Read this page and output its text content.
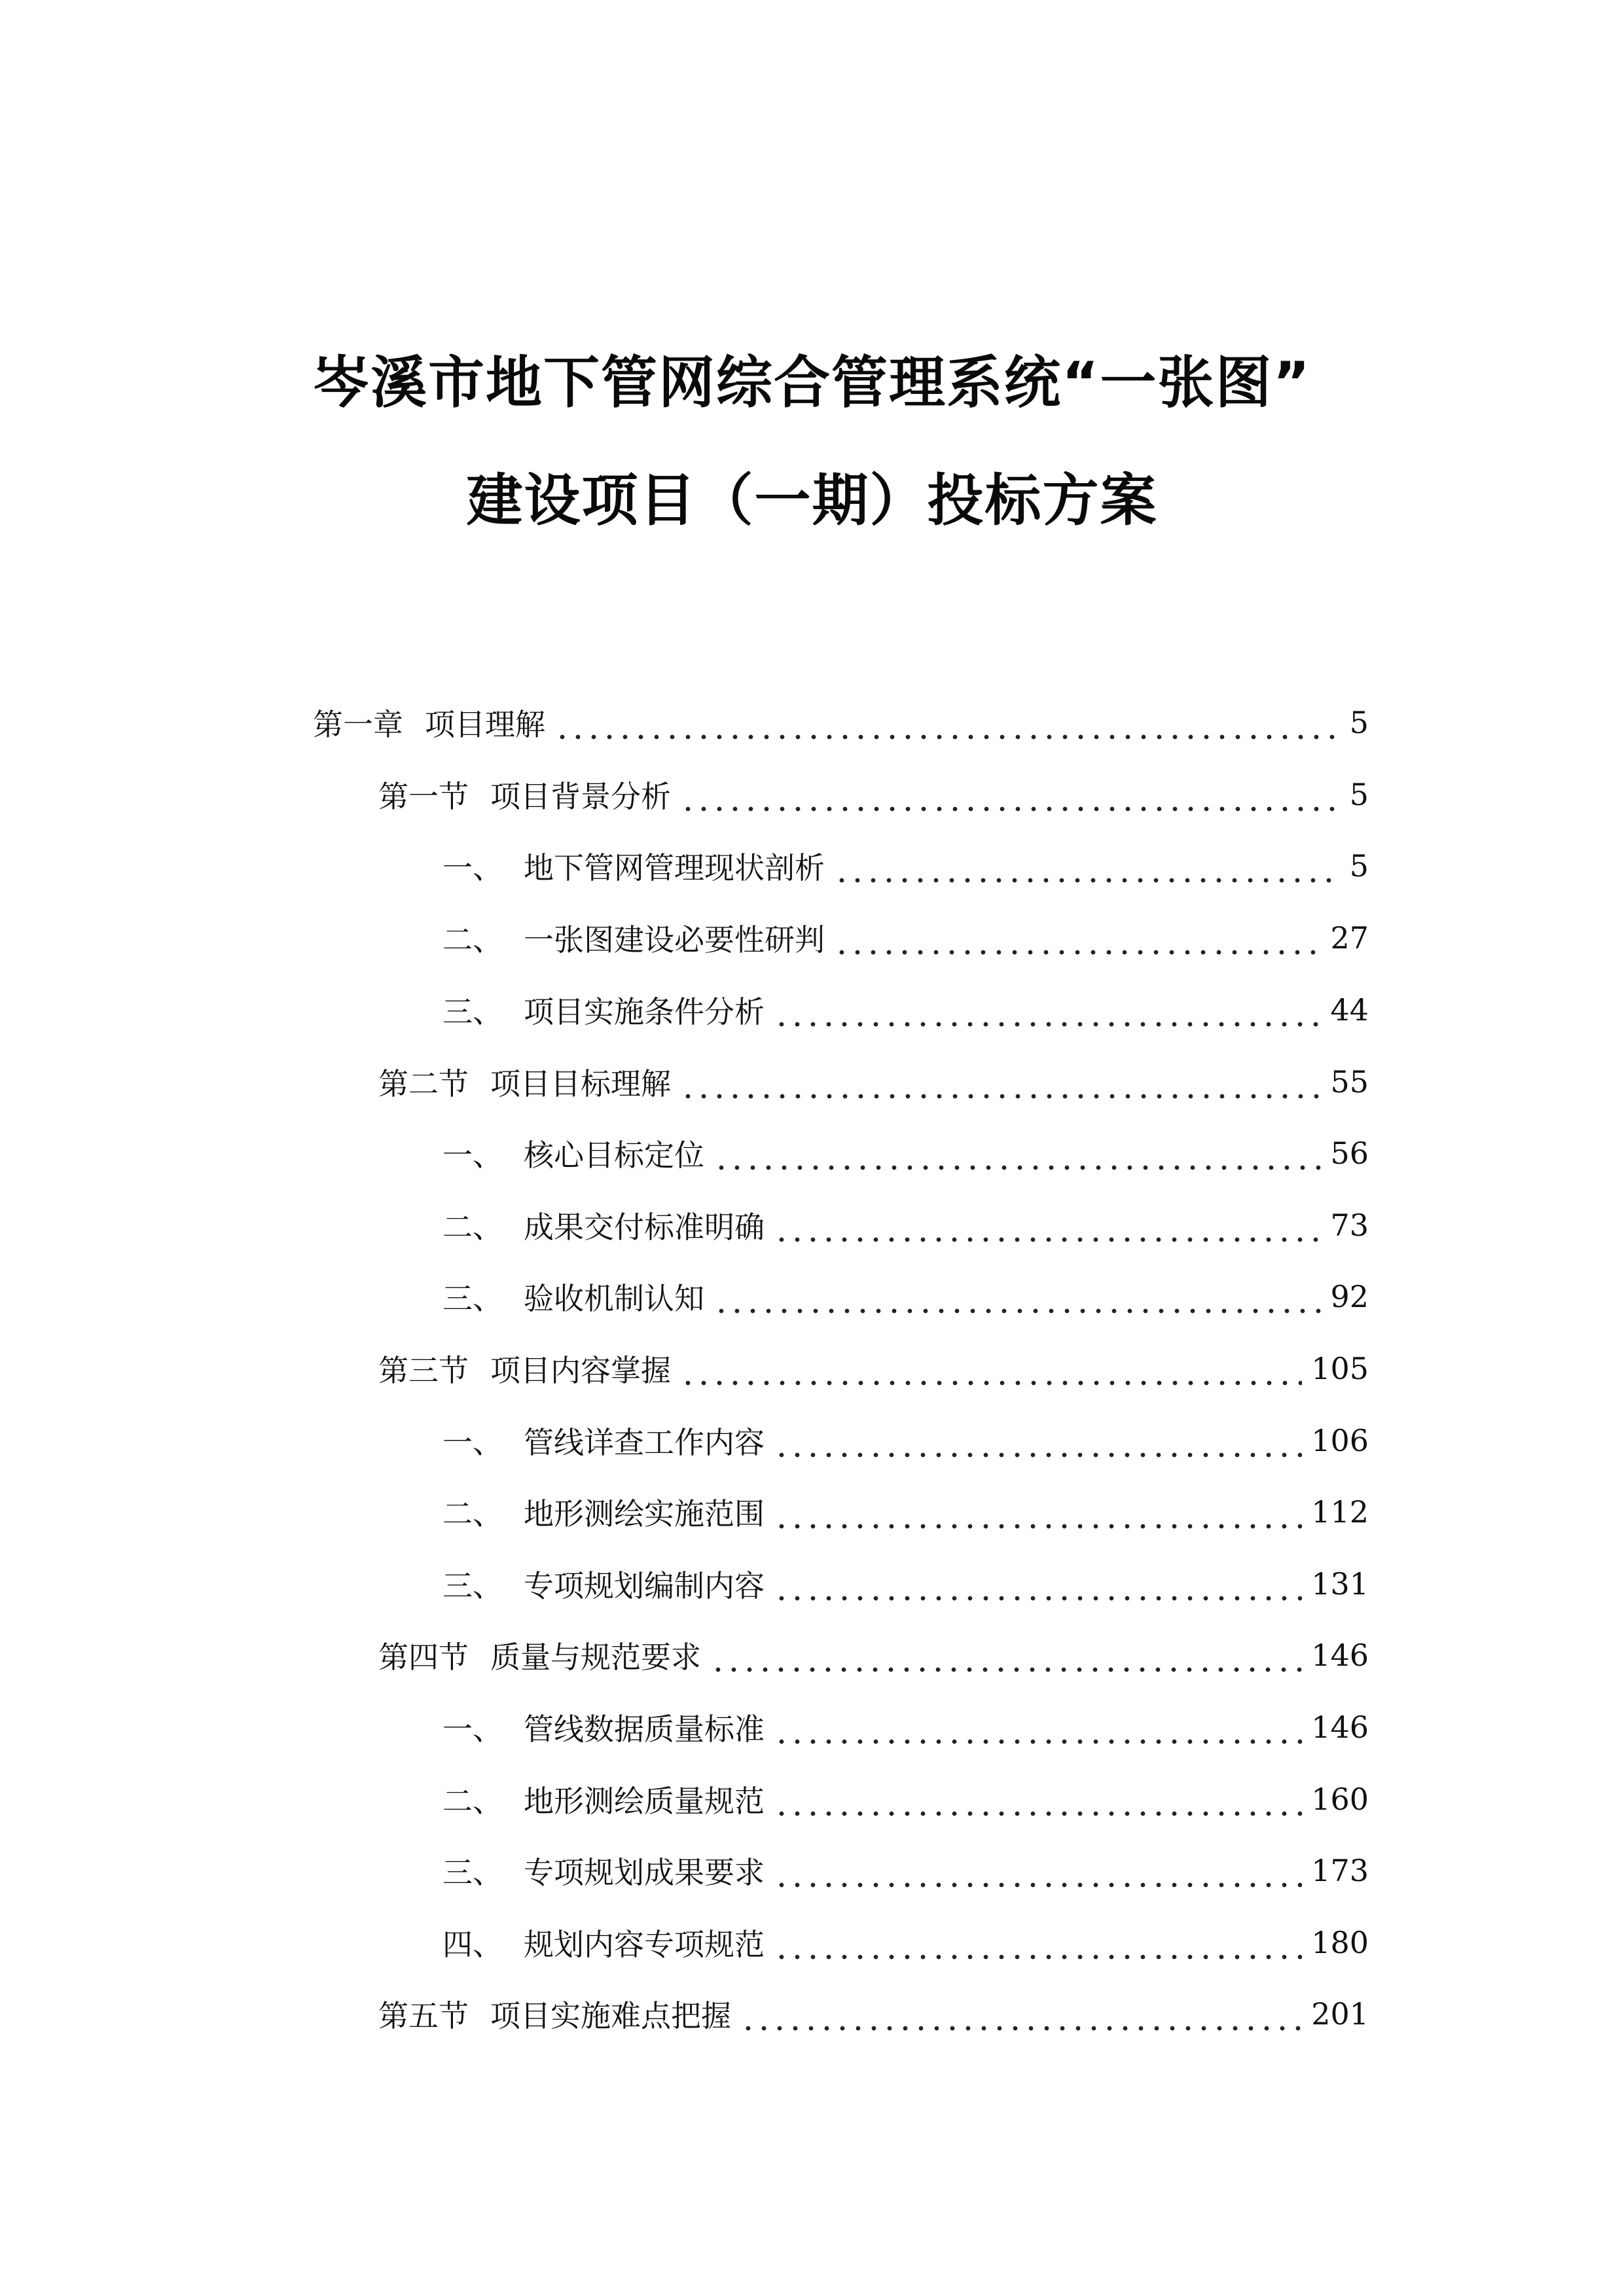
岑溪市地下管网综合管理系统“一张图”
建设项目（一期）投标方案
第一章 项目理解	5
第一节 项目背景分析	5
一、 地下管网管理现状剖析	5
二、 一张图建设必要性研判	27
三、 项目实施条件分析	44
第二节 项目目标理解	55
一、 核心目标定位	56
二、 成果交付标准明确	73
三、 验收机制认知	92
第三节 项目内容掌握	105
一、 管线详查工作内容	106
二、 地形测绘实施范围	112
三、 专项规划编制内容	131
第四节 质量与规范要求	146
一、 管线数据质量标准	146
二、 地形测绘质量规范	160
三、 专项规划成果要求	173
四、 规划内容专项规范	180
第五节 项目实施难点把握	201
